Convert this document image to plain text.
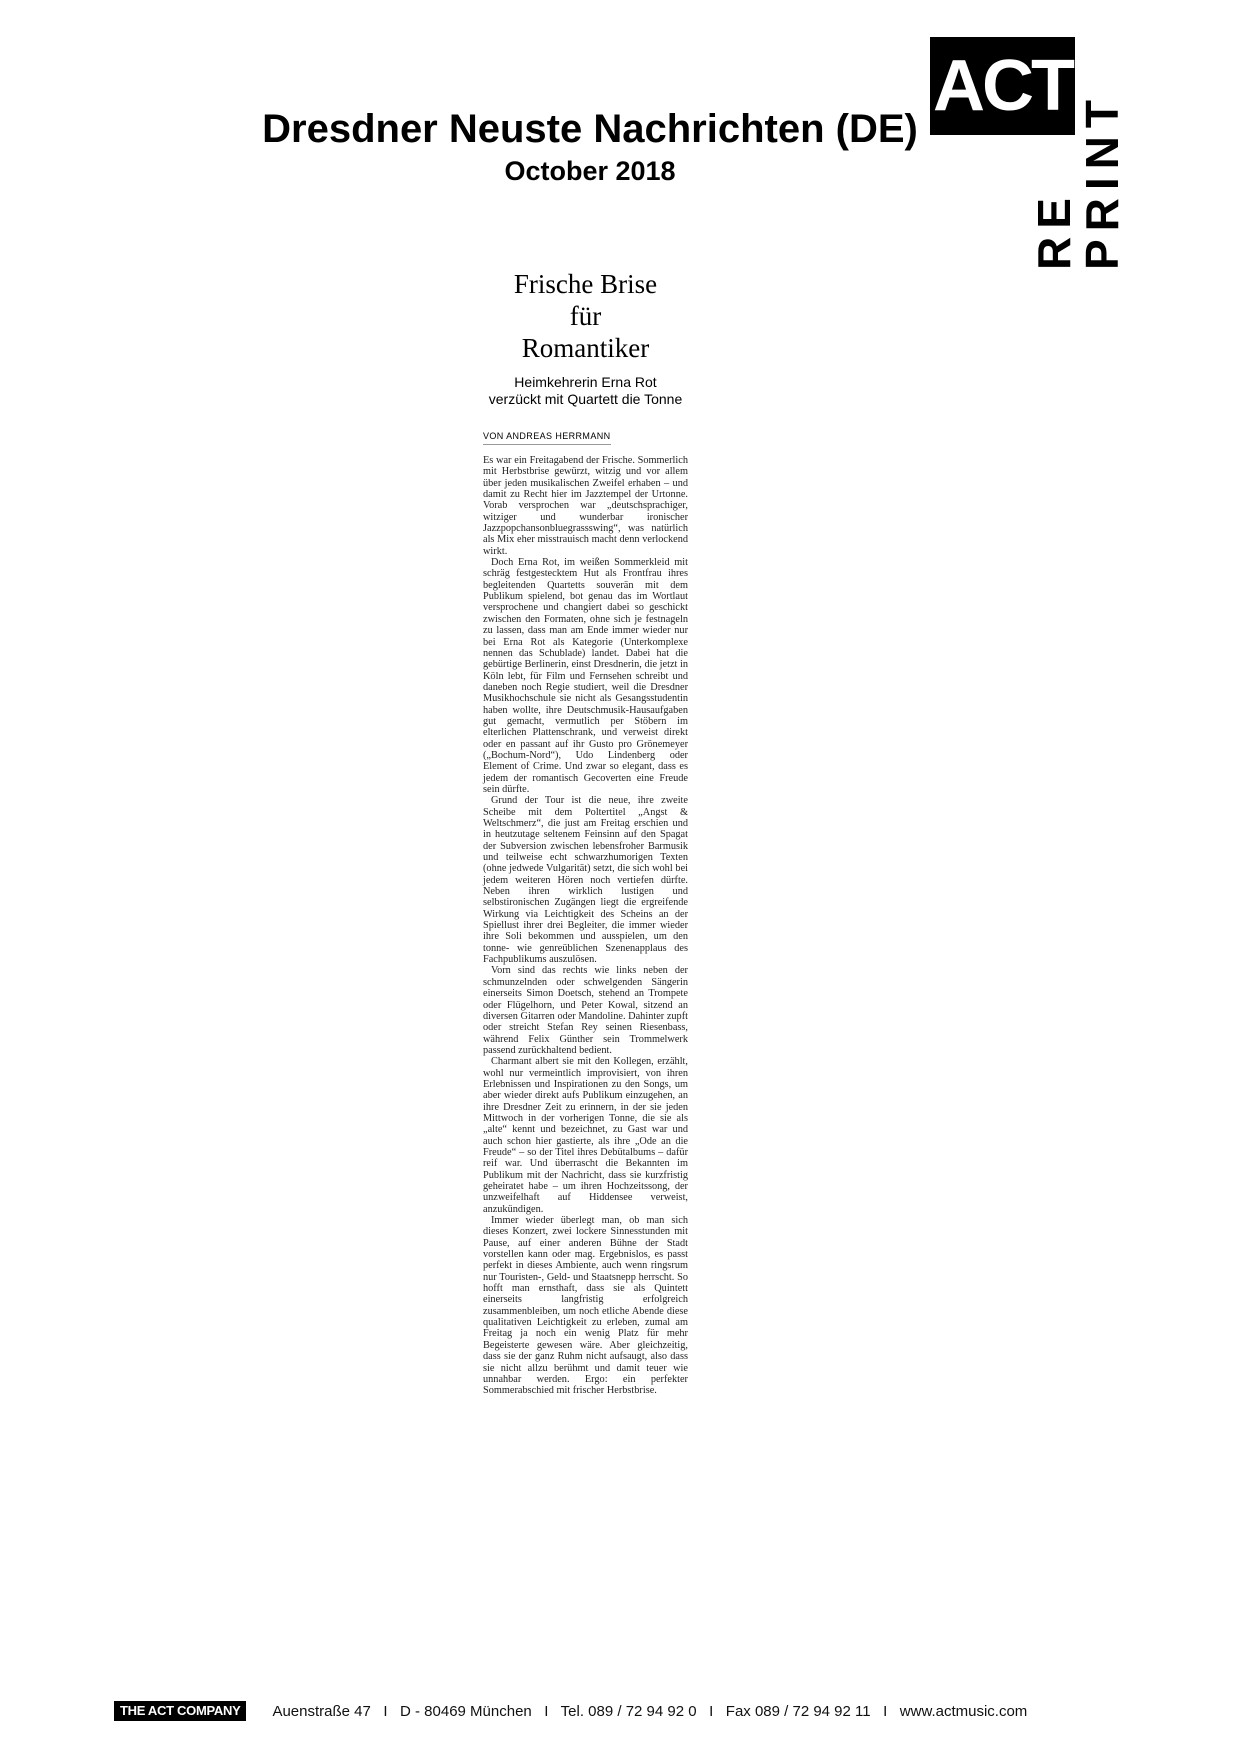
Dresdner Neuste Nachrichten (DE)
October 2018
ACT
RE
PRINT
Frische Brise
für
Romantiker
Heimkehrerin Erna Rot
verzückt mit Quartett die Tonne
VON ANDREAS HERRMANN

Es war ein Freitagabend der Frische. Sommerlich mit Herbstbrise gewürzt, witzig und vor allem über jeden musikalischen Zweifel erhaben – und damit zu Recht hier im Jazztempel der Urtonne. Vorab versprochen war „deutschsprachiger, witziger und wunderbar ironischer Jazzpopchansonbluegrassswing“, was natürlich als Mix eher misstrauisch macht denn verlockend wirkt.

Doch Erna Rot, im weißen Sommerkleid mit schräg festgestecktem Hut als Frontfrau ihres begleitenden Quartetts souverän mit dem Publikum spielend, bot genau das im Wortlaut versprochene und changiert dabei so geschickt zwischen den Formaten, ohne sich je festnageln zu lassen, dass man am Ende immer wieder nur bei Erna Rot als Kategorie (Unterkomplexe nennen das Schublade) landet. Dabei hat die gebürtige Berlinerin, einst Dresdnerin, die jetzt in Köln lebt, für Film und Fernsehen schreibt und daneben noch Regie studiert, weil die Dresdner Musikhochschule sie nicht als Gesangsstudentin haben wollte, ihre Deutschmusik-Hausaufgaben gut gemacht, vermutlich per Stöbern im elterlichen Plattenschrank, und verweist direkt oder en passant auf ihr Gusto pro Grönemeyer („Bochum-Nord“), Udo Lindenberg oder Element of Crime. Und zwar so elegant, dass es jedem der romantisch Gecoverten eine Freude sein dürfte.

Grund der Tour ist die neue, ihre zweite Scheibe mit dem Poltertitel „Angst & Weltschmerz“, die just am Freitag erschien und in heutzutage seltenem Feinsinn auf den Spagat der Subversion zwischen lebensfroher Barmusik und teilweise echt schwarzhumorigen Texten (ohne jedwede Vulgarität) setzt, die sich wohl bei jedem weiteren Hören noch vertiefen dürfte. Neben ihren wirklich lustigen und selbstironischen Zugängen liegt die ergreifende Wirkung via Leichtigkeit des Scheins an der Spiellust ihrer drei Begleiter, die immer wieder ihre Soli bekommen und ausspielen, um den tonne- wie genreüblichen Szenenapplaus des Fachpublikums auszulösen.

Vorn sind das rechts wie links neben der schmunzelnden oder schwelgenden Sängerin einerseits Simon Doetsch, stehend an Trompete oder Flügelhorn, und Peter Kowal, sitzend an diversen Gitarren oder Mandoline. Dahinter zupft oder streicht Stefan Rey seinen Riesenbass, während Felix Günther sein Trommelwerk passend zurückhaltend bedient.

Charmant albert sie mit den Kollegen, erzählt, wohl nur vermeintlich improvisiert, von ihren Erlebnissen und Inspirationen zu den Songs, um aber wieder direkt aufs Publikum einzugehen, an ihre Dresdner Zeit zu erinnern, in der sie jeden Mittwoch in der vorherigen Tonne, die sie als „alte“ kennt und bezeichnet, zu Gast war und auch schon hier gastierte, als ihre „Ode an die Freude“ – so der Titel ihres Debütalbums – dafür reif war. Und überrascht die Bekannten im Publikum mit der Nachricht, dass sie kurzfristig geheiratet habe – um ihren Hochzeitssong, der unzweifelhaft auf Hiddensee verweist, anzukündigen.

Immer wieder überlegt man, ob man sich dieses Konzert, zwei lockere Sinnesstunden mit Pause, auf einer anderen Bühne der Stadt vorstellen kann oder mag. Ergebnislos, es passt perfekt in dieses Ambiente, auch wenn ringsrum nur Touristen-, Geld- und Staatsnepp herrscht. So hofft man ernsthaft, dass sie als Quintett einerseits langfristig erfolgreich zusammenbleiben, um noch etliche Abende diese qualitativen Leichtigkeit zu erleben, zumal am Freitag ja noch ein wenig Platz für mehr Begeisterte gewesen wäre. Aber gleichzeitig, dass sie der ganz Ruhm nicht aufsaugt, also dass sie nicht allzu berühmt und damit teuer wie unnahbar werden. Ergo: ein perfekter Sommerabschied mit frischer Herbstbrise.

THE ACT COMPANY	Auenstraße 47   I   D - 80469 München   I   Tel. 089 / 72 94 92 0   I   Fax 089 / 72 94 92 11   I   www.actmusic.com
